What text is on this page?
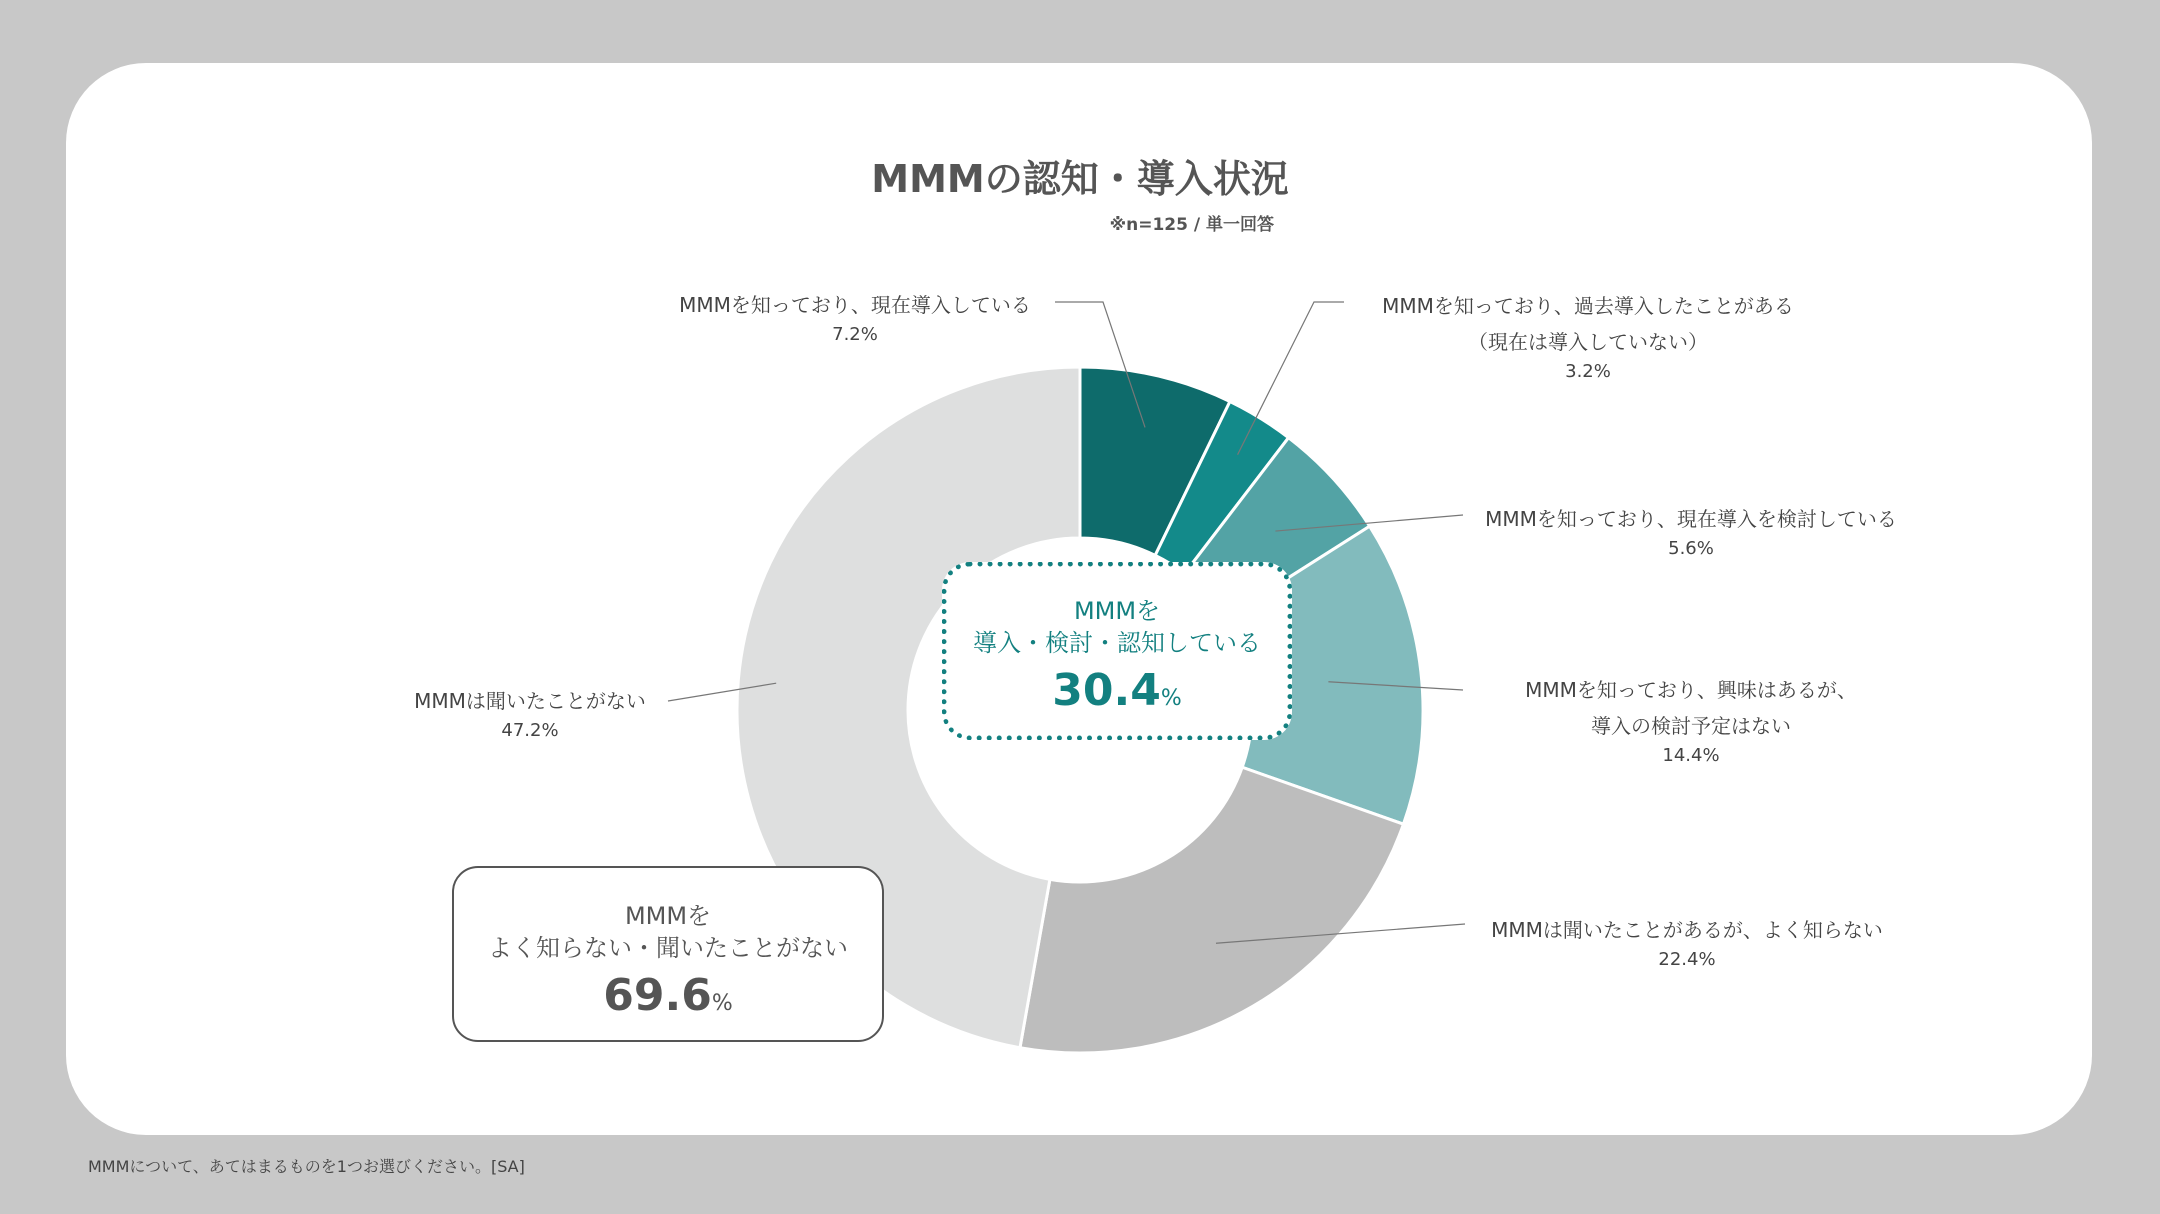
MMMの認知・導入状況
※n=125 / 単一回答
MMMを知っており、現在導入している
7.2%
MMMを知っており、過去導入したことがある
（現在は導入していない）
3.2%
MMMを知っており、現在導入を検討している
5.6%
MMMを知っており、興味はあるが、
導入の検討予定はない
14.4%
MMMは聞いたことがあるが、よく知らない
22.4%
MMMは聞いたことがない
47.2%
MMMを
導入・検討・認知している
30.4%
MMMを
よく知らない・聞いたことがない
69.6%
MMMについて、あてはまるものを1つお選びください。[SA]
